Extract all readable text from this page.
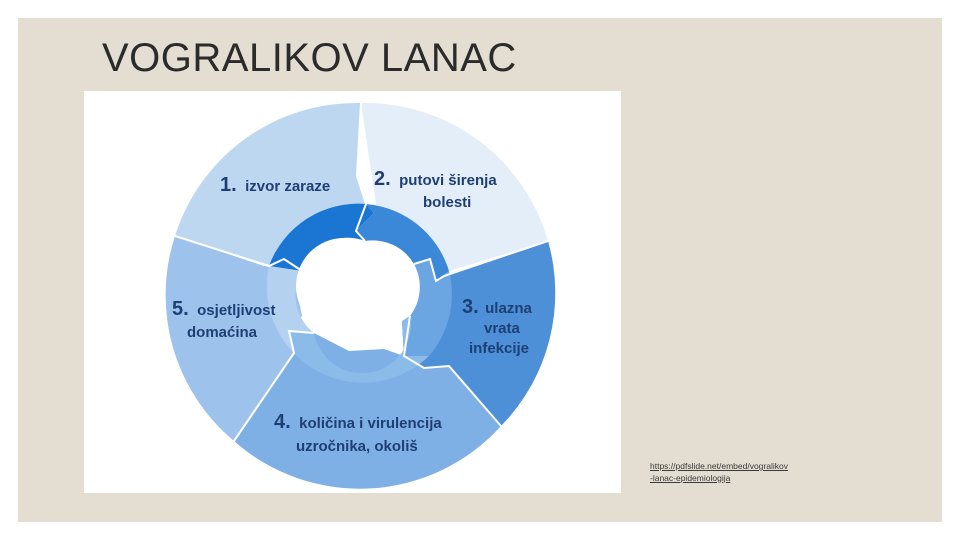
VOGRALIKOV LANAC
1. izvor zaraze 2. putovi širenja
bolesti
3. ulazna
vrata
infekcije
4. količina i virulencija
uzročnika, okoliš
5. osjetljivost
domaćina
https://pdfslide.net/embed/vogralikov-lanac-epidemiologija
